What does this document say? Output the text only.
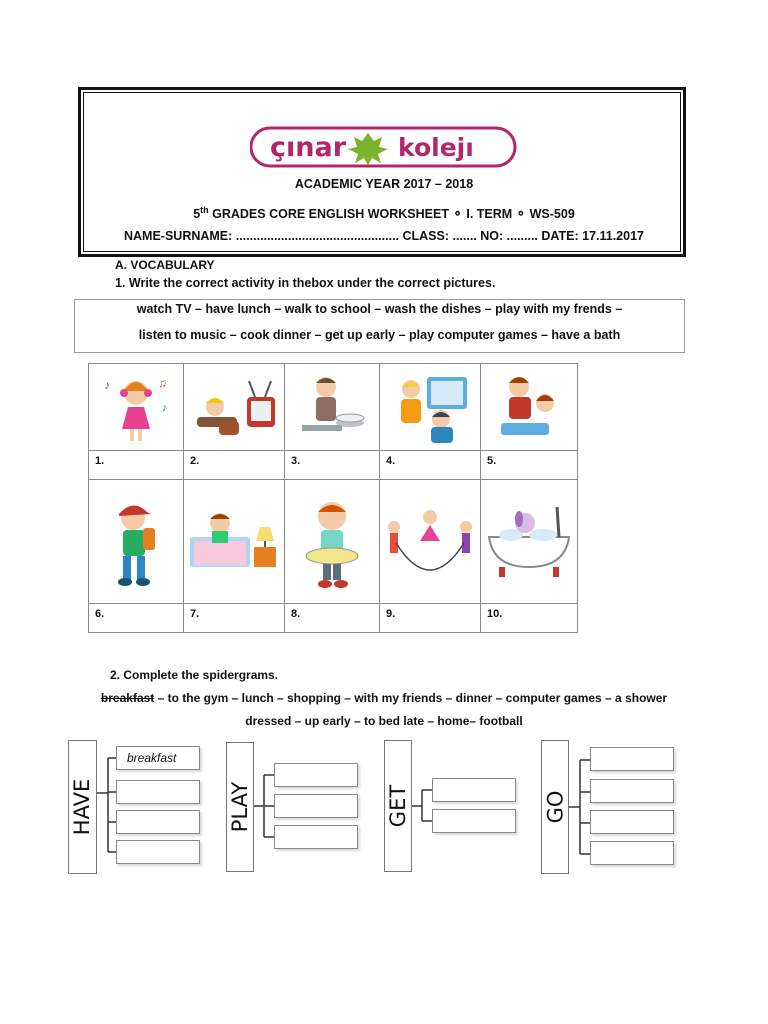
çınar kolejı
ACADEMIC YEAR 2017 – 2018
5th GRADES CORE ENGLISH WORKSHEET ⚬ I. TERM ⚬ WS-509
NAME-SURNAME: ............................................... CLASS: ....... NO: ......... DATE: 17.11.2017
A. VOCABULARY
1. Write the correct activity in thebox under the correct pictures.
watch TV – have lunch – walk to school – wash the dishes – play with my frends –
listen to music – cook dinner – get up early – play computer games – have a bath
♪ ♫
♪

1.	2.	3.	4.	5.

6.	7.	8.	9.	10.
2. Complete the spidergrams.
breakfast – to the gym – lunch – shopping – with my friends – dinner – computer games – a shower
dressed – up early – to bed late – home– football
HAVE
breakfast
PLAY	GET	GO
